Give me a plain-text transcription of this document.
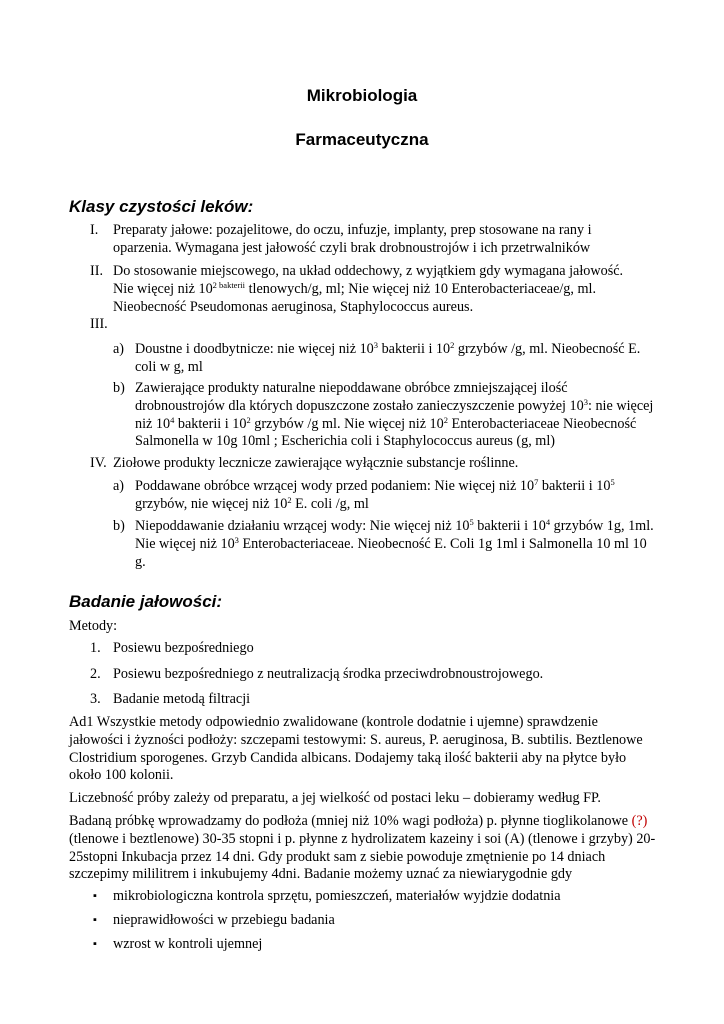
Mikrobiologia
Farmaceutyczna
Klasy czystości leków:
I. Preparaty jałowe: pozajelitowe, do oczu, infuzje, implanty, prep stosowane na rany i oparzenia. Wymagana jest jałowość czyli brak drobnoustrojów i ich przetrwalników

II. Do stosowanie miejscowego, na układ oddechowy, z wyjątkiem gdy wymagana jałowość.
Nie więcej niż $10^{2 bakterii}$ tlenowych/g, ml; Nie więcej niż 10 Enterobacteriaceae/g, ml.
Nieobecność Pseudomonas aeruginosa, Staphylococcus aureus.

III.
a) Doustne i doodbytnicze: nie więcej niż $10^3$ bakterii i $10^2$ grzybów /g, ml. Nieobecność E. coli w g, ml

b) Zawierające produkty naturalne niepoddawane obróbce zmniejszającej ilość drobnoustrojów dla których dopuszczone zostało zanieczyszczenie powyżej $10^3$: nie więcej niż $10^4$ bakterii i $10^2$ grzybów /g ml. Nie więcej niż $10^2$ Enterobacteriaceae Nieobecność Salmonella w 10g 10ml ; Escherichia coli i Staphylococcus aureus (g, ml)

IV. Ziołowe produkty lecznicze zawierające wyłącznie substancje roślinne.

a) Poddawane obróbce wrzącej wody przed podaniem: Nie więcej niż $10^7$ bakterii i $10^5$ grzybów, nie więcej niż $10^2$ E. coli /g, ml

b) Niepoddawanie działaniu wrzącej wody: Nie więcej niż $10^5$ bakterii i $10^4$ grzybów 1g, 1ml. Nie więcej niż $10^3$ Enterobacteriaceae. Nieobecność E. Coli 1g 1ml i Salmonella 10 ml 10 g.

Badanie jałowości:

Metody:

1. Posiewu bezpośredniego

2. Posiewu bezpośredniego z neutralizacją środka przeciwdrobnoustrojowego.

3. Badanie metodą filtracji

Ad1 Wszystkie metody odpowiednio zwalidowane (kontrole dodatnie i ujemne) sprawdzenie jałowości i żyzności podłoży: szczepami testowymi: S. aureus, P. aeruginosa, B. subtilis. Beztlenowe Clostridium sporogenes. Grzyb Candida albicans. Dodajemy taką ilość bakterii aby na płytce było około 100 kolonii.

Liczebność próby zależy od preparatu, a jej wielkość od postaci leku – dobieramy według FP.

Badaną próbkę wprowadzamy do podłoża (mniej niż 10% wagi podłoża) p. płynne tioglikolanowe (?) (tlenowe i beztlenowe) 30-35 stopni i p. płynne z hydrolizatem kazeiny i soi (A) (tlenowe i grzyby) 20-25stopni Inkubacja przez 14 dni. Gdy produkt sam z siebie powoduje zmętnienie po 14 dniach szczepimy mililitrem i inkubujemy 4dni. Badanie możemy uznać za niewiarygodnie gdy

▪ mikrobiologiczna kontrola sprzętu, pomieszczeń, materiałów wyjdzie dodatnia

▪ nieprawidłowości w przebiegu badania

▪ wzrost w kontroli ujemnej
